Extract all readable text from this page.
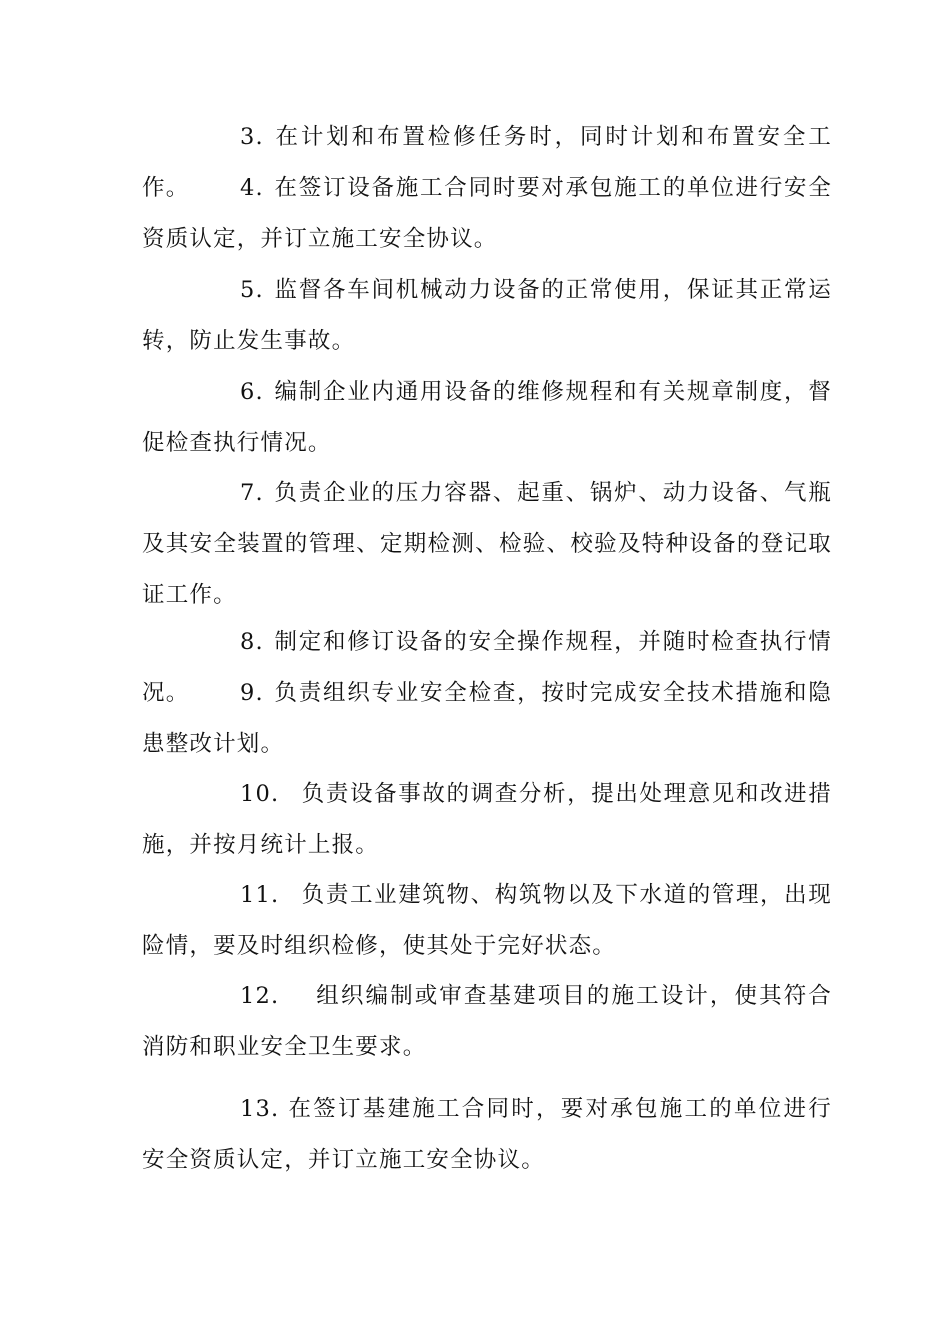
3. 在计划和布置检修任务时，同时计划和布置安全工作。	4. 在签订设备施工合同时要对承包施工的单位进行安全资质认定，并订立施工安全协议。

5. 监督各车间机械动力设备的正常使用，保证其正常运转，防止发生事故。

6. 编制企业内通用设备的维修规程和有关规章制度，督促检查执行情况。

7. 负责企业的压力容器、起重、锅炉、动力设备、气瓶及其安全装置的管理、定期检测、检验、校验及特种设备的登记取证工作。

8. 制定和修订设备的安全操作规程，并随时检查执行情况。	9. 负责组织专业安全检查，按时完成安全技术措施和隐患整改计划。

10. 负责设备事故的调查分析，提出处理意见和改进措施，并按月统计上报。

11. 负责工业建筑物、构筑物以及下水道的管理，出现险情，要及时组织检修，使其处于完好状态。

12. 组织编制或审查基建项目的施工设计，使其符合消防和职业安全卫生要求。

13. 在签订基建施工合同时，要对承包施工的单位进行安全资质认定，并订立施工安全协议。
